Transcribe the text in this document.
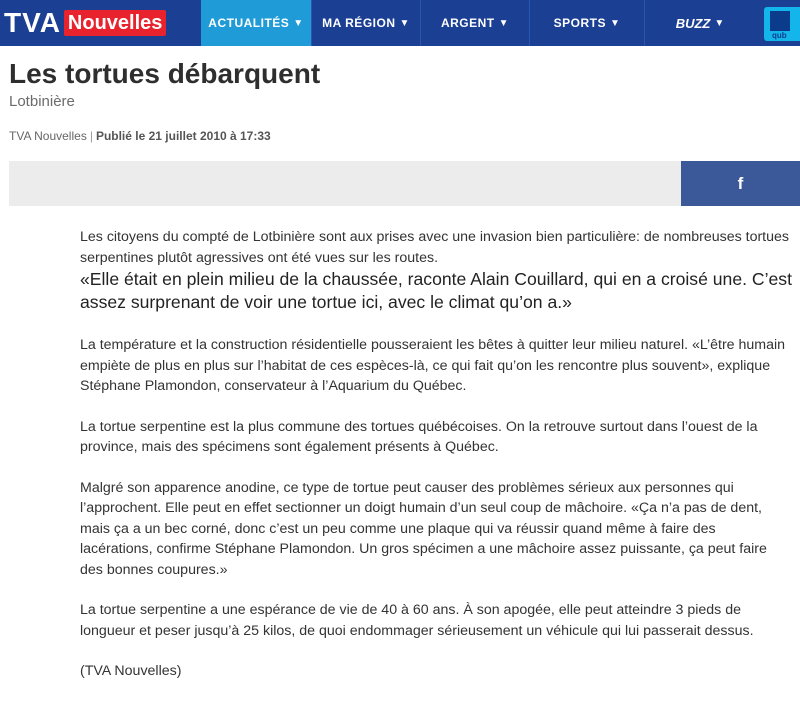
TVA Nouvelles	ACTUALITÉS ▼ MA RÉGION ▼	ARGENT ▼	SPORTS ▼	BUZZ ▼
qub
Les tortues débarquent
Lotbinière
TVA Nouvelles | Publié le 21 juillet 2010 à 17:33
f

Les citoyens du compté de Lotbinière sont aux prises avec une invasion bien particulière: de nombreuses tortues serpentines plutôt agressives ont été vues sur les routes.

«Elle était en plein milieu de la chaussée, raconte Alain Couillard, qui en a croisé une. C’est assez surprenant de voir une tortue ici, avec le climat qu’on a.»

La température et la construction résidentielle pousseraient les bêtes à quitter leur milieu naturel. «L’être humain empiète de plus en plus sur l’habitat de ces espèces-là, ce qui fait qu’on les rencontre plus souvent», explique Stéphane Plamondon, conservateur à l’Aquarium du Québec.

La tortue serpentine est la plus commune des tortues québécoises. On la retrouve surtout dans l’ouest de la province, mais des spécimens sont également présents à Québec.

Malgré son apparence anodine, ce type de tortue peut causer des problèmes sérieux aux personnes qui l’approchent. Elle peut en effet sectionner un doigt humain d’un seul coup de mâchoire. «Ça n’a pas de dent, mais ça a un bec corné, donc c’est un peu comme une plaque qui va réussir quand même à faire des lacérations, confirme Stéphane Plamondon. Un gros spécimen a une mâchoire assez puissante, ça peut faire des bonnes coupures.»

La tortue serpentine a une espérance de vie de 40 à 60 ans. À son apogée, elle peut atteindre 3 pieds de longueur et peser jusqu’à 25 kilos, de quoi endommager sérieusement un véhicule qui lui passerait dessus.

(TVA Nouvelles)
